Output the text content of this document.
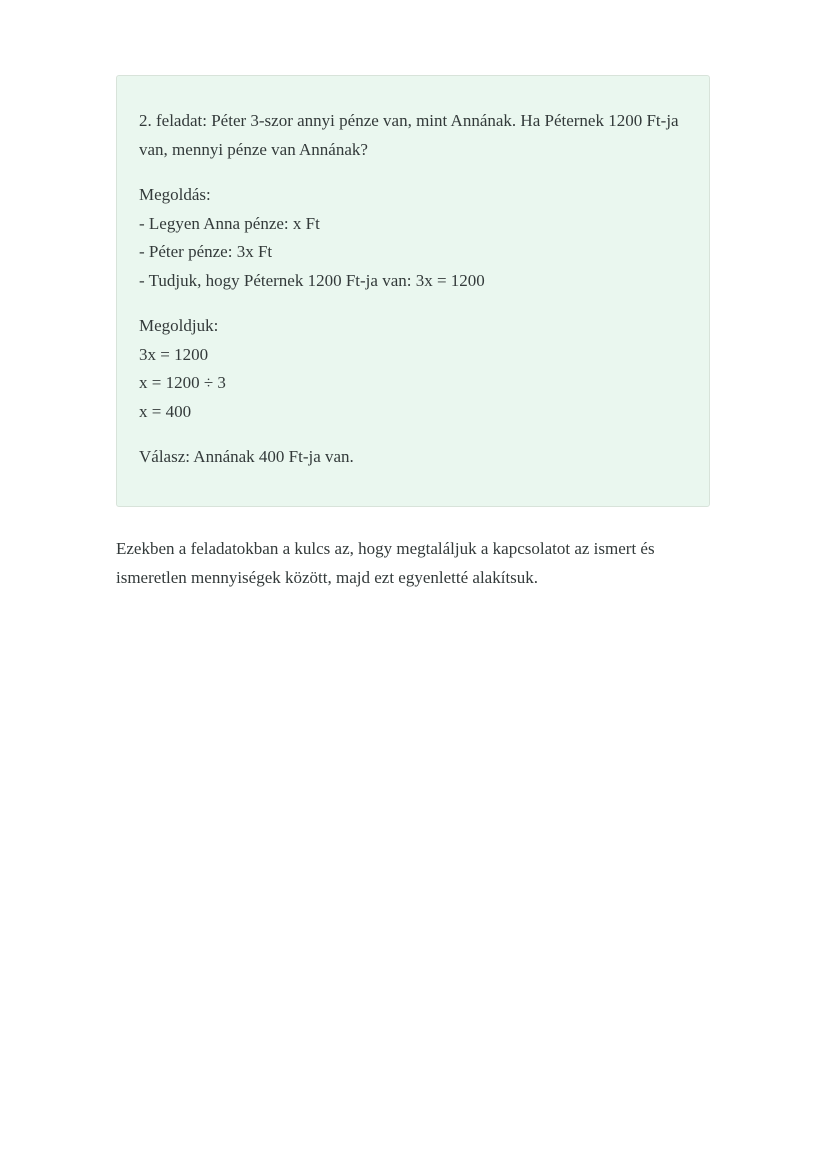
2. feladat: Péter 3-szor annyi pénze van, mint Annának. Ha Péternek 1200 Ft-ja van, mennyi pénze van Annának?

Megoldás:
- Legyen Anna pénze: x Ft
- Péter pénze: 3x Ft
- Tudjuk, hogy Péternek 1200 Ft-ja van: 3x = 1200

Megoldjuk:
3x = 1200
x = 1200 ÷ 3
x = 400

Válasz: Annának 400 Ft-ja van.

Ezekben a feladatokban a kulcs az, hogy megtaláljuk a kapcsolatot az ismert és ismeretlen mennyiségek között, majd ezt egyenletté alakítsuk.
